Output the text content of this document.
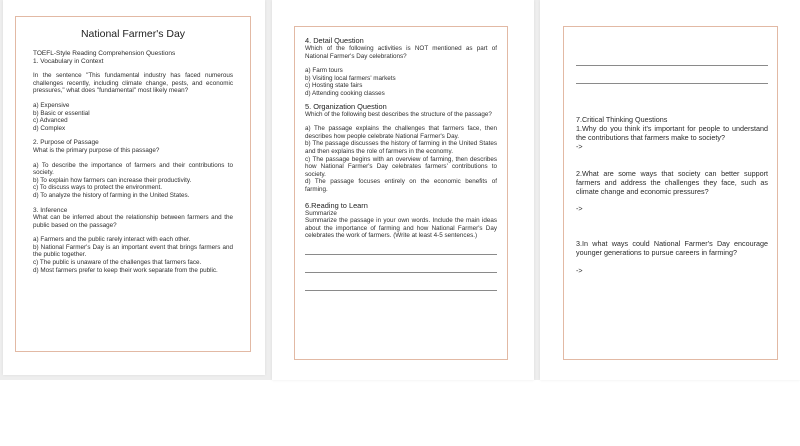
National Farmer's Day
TOEFL-Style Reading Comprehension Questions
1. Vocabulary in Context
In the sentence "This fundamental industry has faced numerous challenges recently, including climate change, pests, and economic pressures," what does "fundamental" most likely mean?
a) Expensive
b) Basic or essential
c) Advanced
d) Complex
2. Purpose of Passage
What is the primary purpose of this passage?
a) To describe the importance of farmers and their contributions to society.
b) To explain how farmers can increase their productivity.
c) To discuss ways to protect the environment.
d) To analyze the history of farming in the United States.
3. Inference
What can be inferred about the relationship between farmers and the public based on the passage?
a) Farmers and the public rarely interact with each other.
b) National Farmer's Day is an important event that brings farmers and the public together.
c) The public is unaware of the challenges that farmers face.
d) Most farmers prefer to keep their work separate from the public.
4. Detail Question
Which of the following activities is NOT mentioned as part of National Farmer's Day celebrations?
a) Farm tours
b) Visiting local farmers' markets
c) Hosting state fairs
d) Attending cooking classes
5. Organization Question
Which of the following best describes the structure of the passage?
a) The passage explains the challenges that farmers face, then describes how people celebrate National Farmer's Day.
b) The passage discusses the history of farming in the United States and then explains the role of farmers in the economy.
c) The passage begins with an overview of farming, then describes how National Farmer's Day celebrates farmers' contributions to society.
d) The passage focuses entirely on the economic benefits of farming.
6.Reading to Learn
Summarize
Summarize the passage in your own words. Include the main ideas about the importance of farming and how National Farmer's Day celebrates the work of farmers. (Write at least 4-5 sentences.)
7.Critical Thinking Questions
1.Why do you think it's important for people to understand the contributions that farmers make to society?
->
2.What are some ways that society can better support farmers and address the challenges they face, such as climate change and economic pressures?
->
3.In what ways could National Farmer's Day encourage younger generations to pursue careers in farming?
->
